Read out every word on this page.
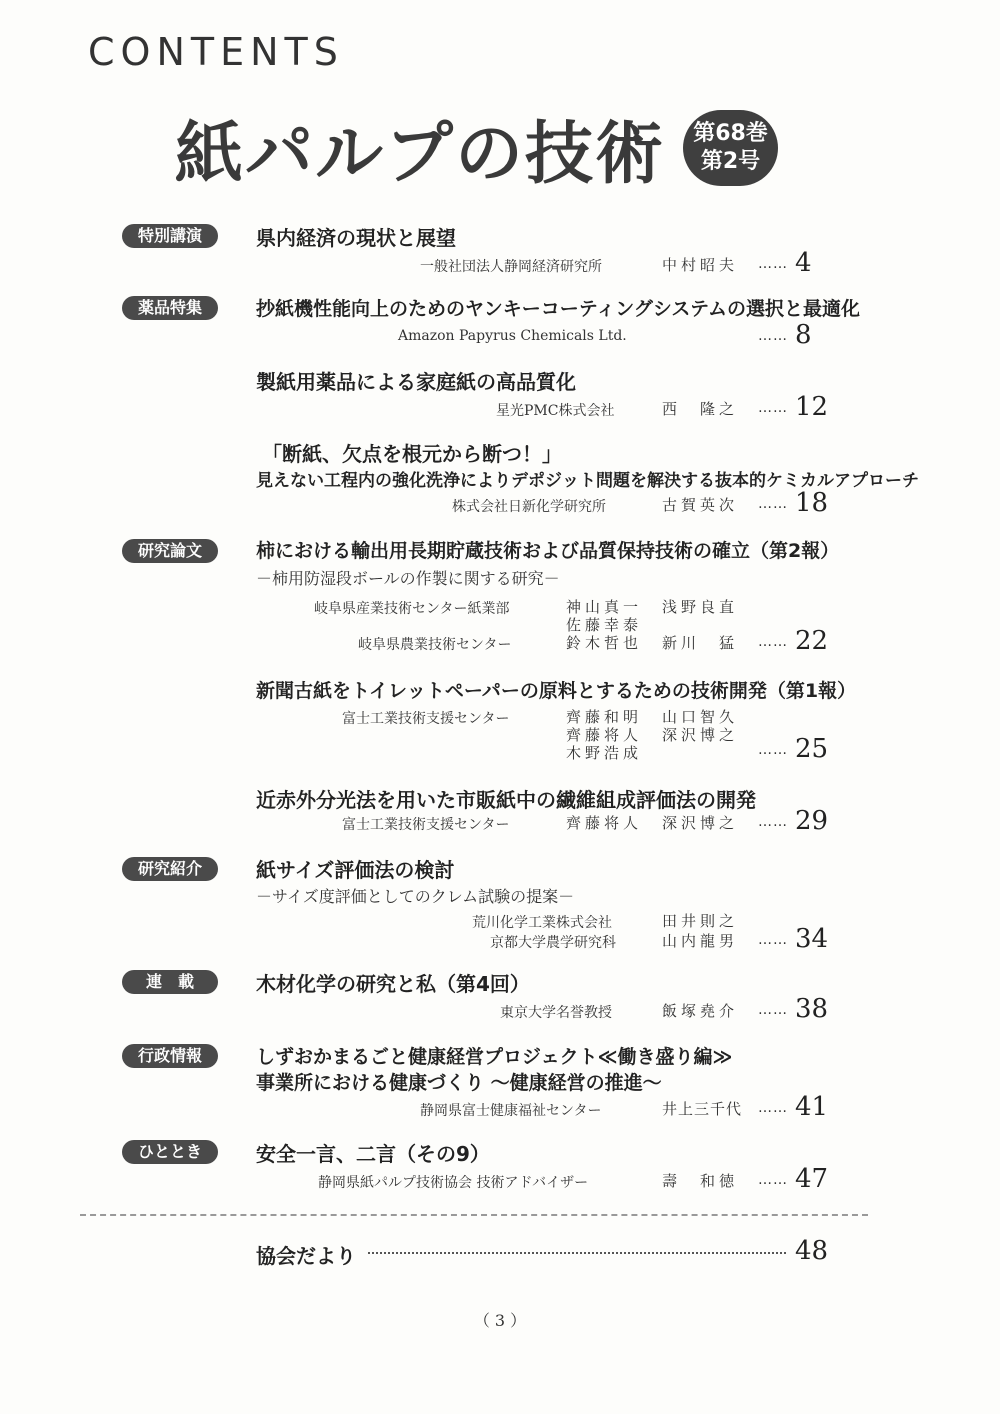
CONTENTS
紙パルプの技術 第68巻
第2号
特別講演	県内経済の現状と展望
一般社団法人静岡経済研究所	中村昭夫 …… 4
薬品特集	抄紙機性能向上のためのヤンキーコーティングシステムの選択と最適化
Amazon Papyrus Chemicals Ltd.	…… 8
製紙用薬品による家庭紙の高品質化
星光PMC株式会社	西　隆之 …… 12
「断紙、欠点を根元から断つ！」
見えない工程内の強化洗浄によりデポジット問題を解決する抜本的ケミカルアプローチ
株式会社日新化学研究所	古賀英次 …… 18
研究論文	柿における輸出用長期貯蔵技術および品質保持技術の確立（第2報）
－柿用防湿段ボールの作製に関する研究－
岐阜県産業技術センター紙業部	神山真一 浅野良直
佐藤幸泰
岐阜県農業技術センター	鈴木哲也 新川　猛 …… 22
新聞古紙をトイレットペーパーの原料とするための技術開発（第1報）
富士工業技術支援センター	齊藤和明 山口智久
齊藤将人 深沢博之
木野浩成	…… 25
近赤外分光法を用いた市販紙中の繊維組成評価法の開発
富士工業技術支援センター	齊藤将人 深沢博之 …… 29
研究紹介	紙サイズ評価法の検討
－サイズ度評価としてのクレム試験の提案－
荒川化学工業株式会社	田井則之
京都大学農学研究科	山内龍男 …… 34
連　載	木材化学の研究と私（第4回）
東京大学名誉教授	飯塚堯介 …… 38
行政情報	しずおかまるごと健康経営プロジェクト≪働き盛り編≫
事業所における健康づくり ～健康経営の推進～
静岡県富士健康福祉センター	井上三千代 …… 41
ひととき	安全一言、二言（その9）
静岡県紙パルプ技術協会 技術アドバイザー	壽　和徳 …… 47
協会だより	48
（ 3 ）
